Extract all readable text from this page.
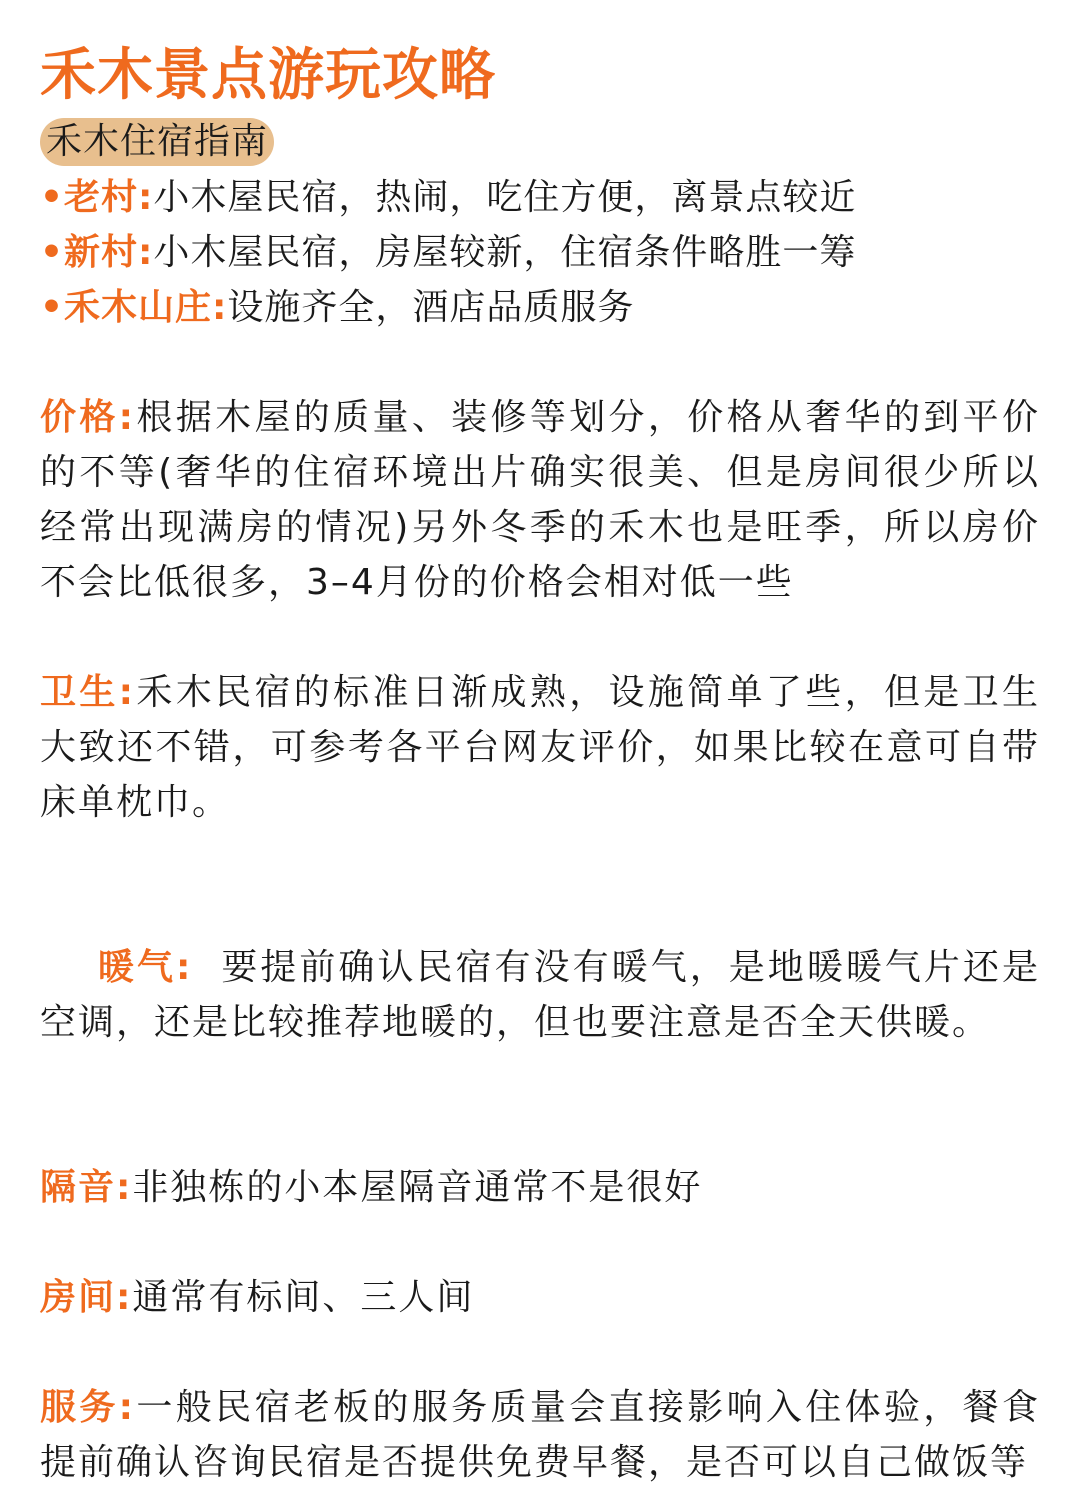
禾木景点游玩攻略
禾木住宿指南
•老村:小木屋民宿，热闹，吃住方便，离景点较近
•新村:小木屋民宿，房屋较新，住宿条件略胜一筹
•禾木山庄:设施齐全，酒店品质服务

价格:根据木屋的质量、装修等划分，价格从奢华的到平价的不等(奢华的住宿环境出片确实很美、但是房间很少所以经常出现满房的情况)另外冬季的禾木也是旺季，所以房价不会比低很多，3–4月份的价格会相对低一些

卫生:禾木民宿的标准日渐成熟，设施简单了些，但是卫生大致还不错，可参考各平台网友评价，如果比较在意可自带床单枕巾。

暖气:  要提前确认民宿有没有暖气，是地暖暖气片还是空调，还是比较推荐地暖的，但也要注意是否全天供暖。

隔音:非独栋的小本屋隔音通常不是很好

房间:通常有标间、三人间

服务:一般民宿老板的服务质量会直接影响入住体验，餐食提前确认咨询民宿是否提供免费早餐，是否可以自己做饭等
